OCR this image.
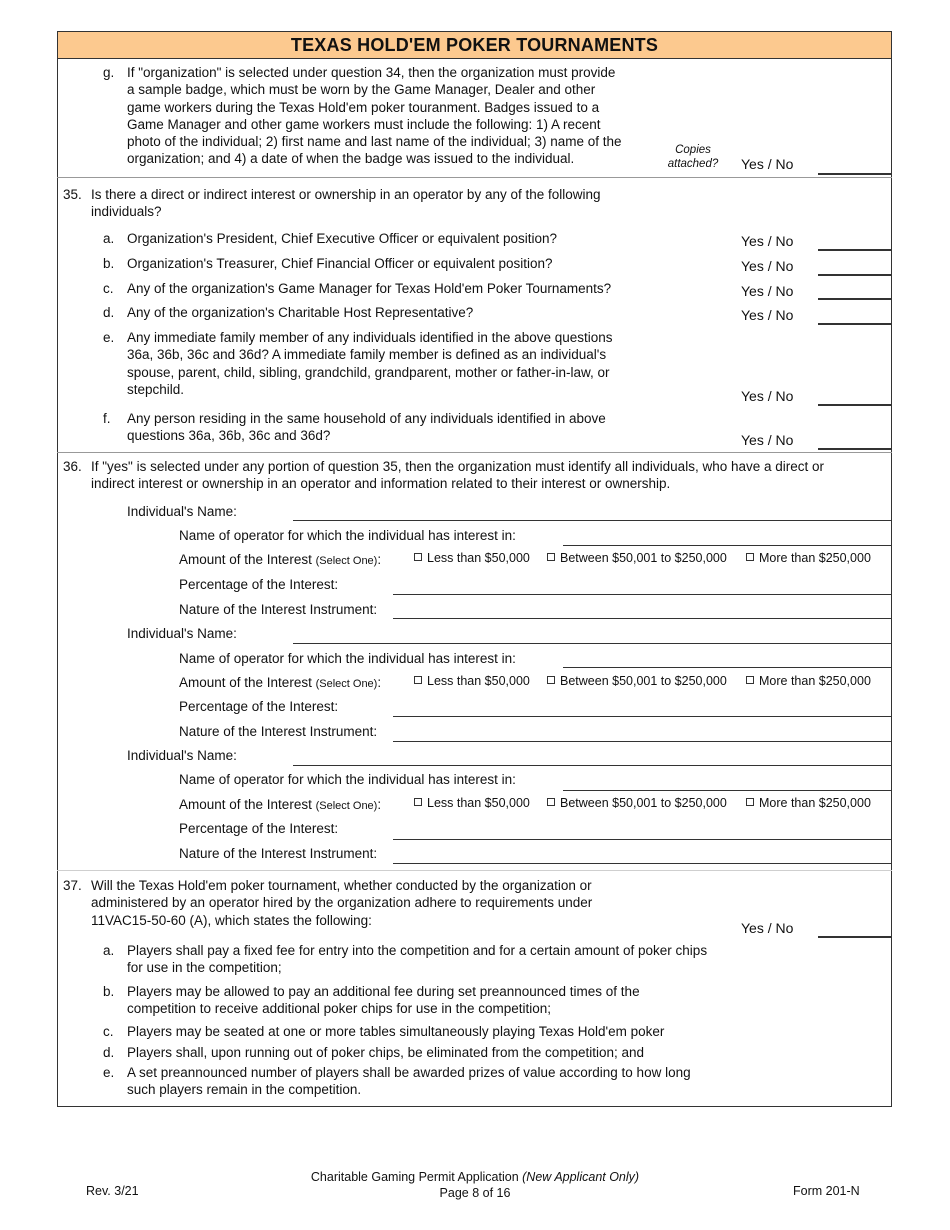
TEXAS HOLD'EM POKER TOURNAMENTS
g. If "organization" is selected under question 34, then the organization must provide
a sample badge, which must be worn by the Game Manager, Dealer and other
game workers during the Texas Hold'em poker touranment. Badges issued to a
Game Manager and other game workers must include the following: 1) A recent
photo of the individual; 2) first name and last name of the individual; 3) name of the
organization; and 4) a date of when the badge was issued to the individual.
Copies attached?	Yes / No
35. Is there a direct or indirect interest or ownership in an operator by any of the following
individuals?
a. Organization's President, Chief Executive Officer or equivalent position?	Yes / No
b. Organization's Treasurer, Chief Financial Officer or equivalent position?	Yes / No
c. Any of the organization's Game Manager for Texas Hold'em Poker Tournaments?	Yes / No
d. Any of the organization's Charitable Host Representative?	Yes / No
e. Any immediate family member of any individuals identified in the above questions
36a, 36b, 36c and 36d? A immediate family member is defined as an individual's
spouse, parent, child, sibling, grandchild, grandparent, mother or father-in-law, or
stepchild.	Yes / No
f. Any person residing in the same household of any individuals identified in above
questions 36a, 36b, 36c and 36d?	Yes / No
36. If "yes" is selected under any portion of question 35, then the organization must identify all individuals, who have a direct or
indirect interest or ownership in an operator and information related to their interest or ownership.
Individual's Name:
Name of operator for which the individual has interest in:
Amount of the Interest (Select One):	Less than $50,000	Between $50,001 to $250,000	More than $250,000
Percentage of the Interest:
Nature of the Interest Instrument:
Individual's Name:
Name of operator for which the individual has interest in:
Amount of the Interest (Select One):	Less than $50,000	Between $50,001 to $250,000	More than $250,000
Percentage of the Interest:
Nature of the Interest Instrument:
Individual's Name:
Name of operator for which the individual has interest in:
Amount of the Interest (Select One):	Less than $50,000	Between $50,001 to $250,000	More than $250,000
Percentage of the Interest:
Nature of the Interest Instrument:
37. Will the Texas Hold'em poker tournament, whether conducted by the organization or
administered by an operator hired by the organization adhere to requirements under
11VAC15-50-60 (A), which states the following:	Yes / No
a. Players shall pay a fixed fee for entry into the competition and for a certain amount of poker chips
for use in the competition;
b. Players may be allowed to pay an additional fee during set preannounced times of the
competition to receive additional poker chips for use in the competition;
c. Players may be seated at one or more tables simultaneously playing Texas Hold'em poker
d. Players shall, upon running out of poker chips, be eliminated from the competition; and
e. A set preannounced number of players shall be awarded prizes of value according to how long
such players remain in the competition.
Rev. 3/21
Charitable Gaming Permit Application (New Applicant Only)
Page 8 of 16	Form 201-N
